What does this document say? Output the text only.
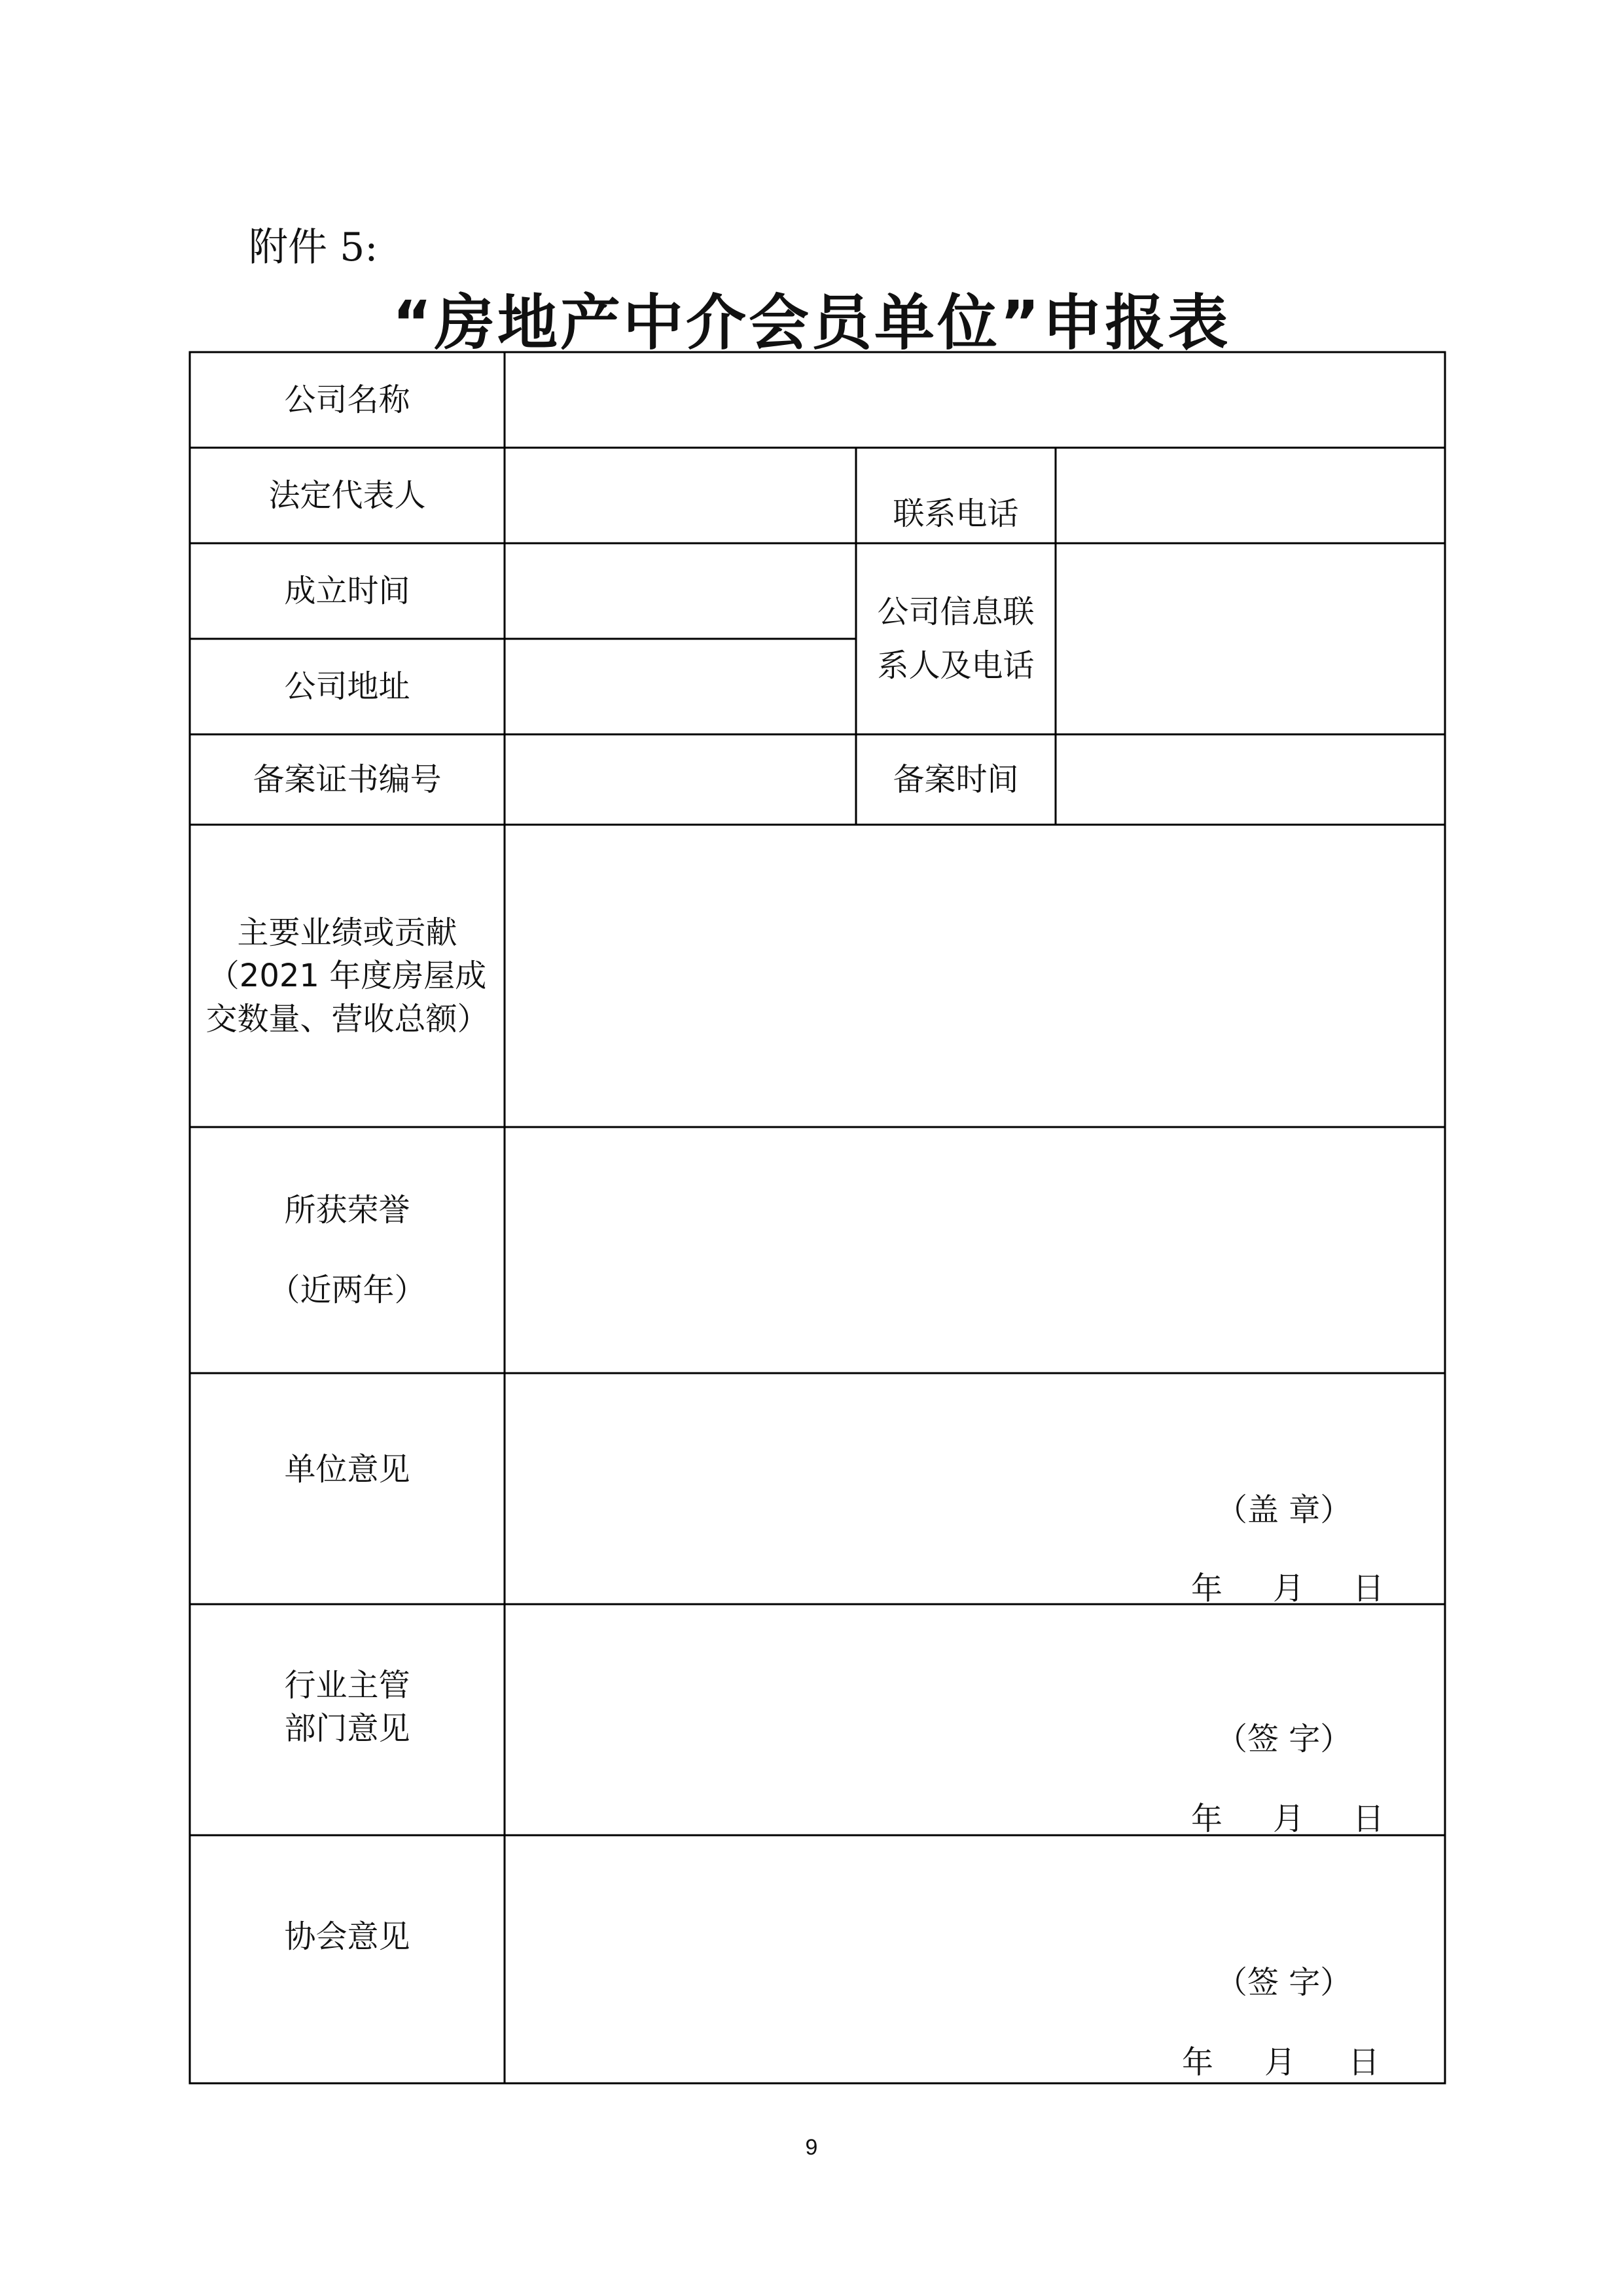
附件 5:
“房地产中介会员单位”申报表
公司名称
法定代表人
成立时间
公司地址
备案证书编号
主要业绩或贡献
（2021 年度房屋成
交数量、营收总额）
所获荣誉
（近两年）
单位意见
行业主管
部门意见
协会意见
联系电话
公司信息联
系人及电话
备案时间
（盖 章）
年 月 日
（签 字）
年 月 日
（签 字）
年 月 日
9
